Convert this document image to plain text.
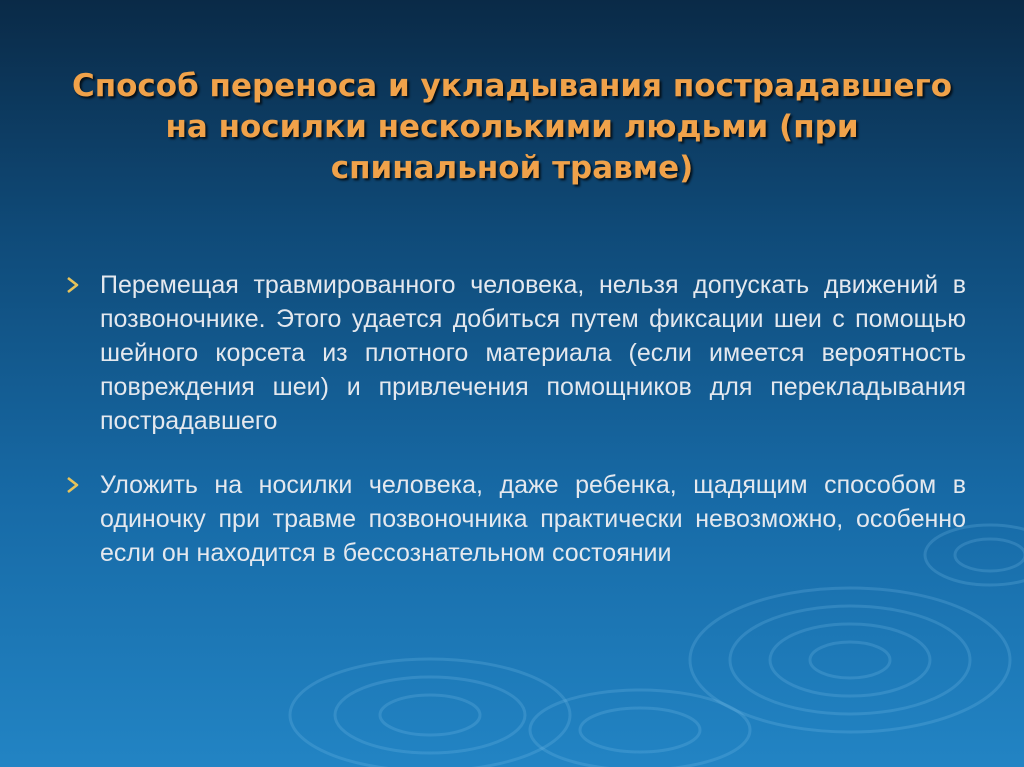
Способ переноса и укладывания пострадавшего на носилки несколькими людьми (при спинальной травме)
Перемещая травмированного человека, нельзя допускать движений в позвоночнике. Этого удается добиться путем фиксации шеи с помощью шейного корсета из плотного материала (если имеется вероятность повреждения шеи) и привлечения помощников для перекладывания пострадавшего
Уложить на носилки человека, даже ребенка, щадящим способом в одиночку при травме позвоночника практически невозможно, особенно если он находится в бессознательном состоянии
